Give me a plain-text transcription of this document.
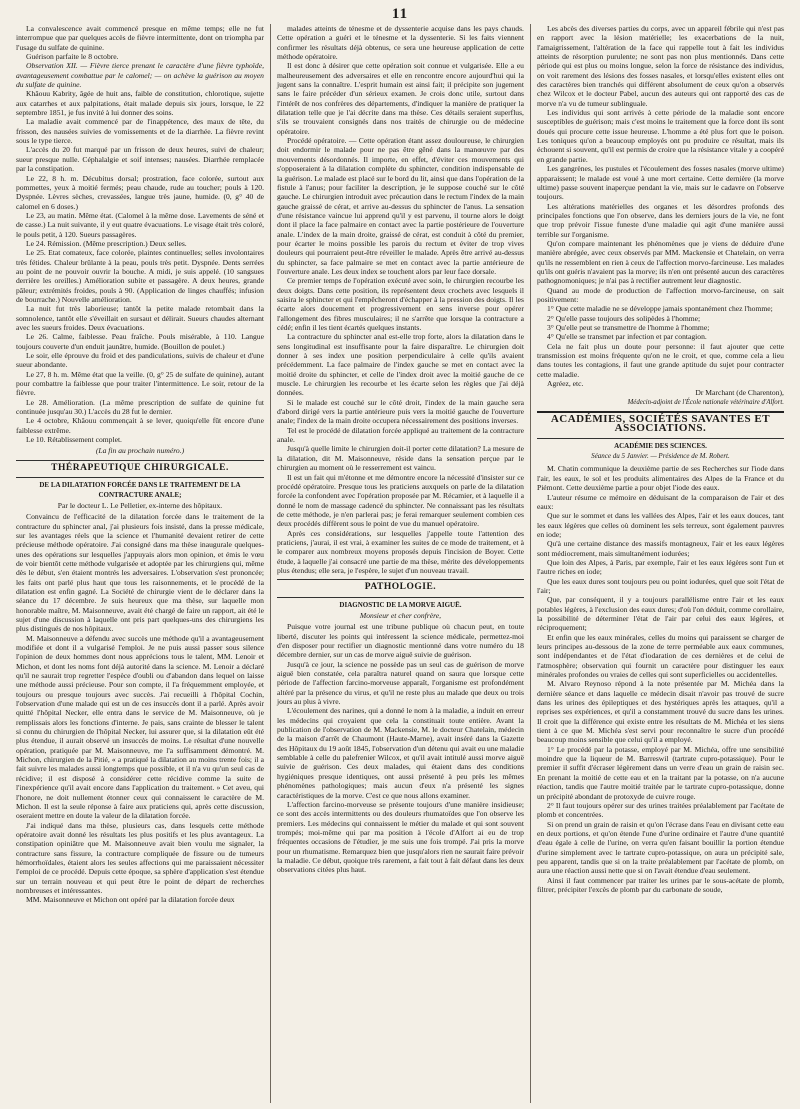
11

La convalescence avait commencé presque en même temps; elle ne fut interrompue que par quelques accès de fièvre intermittente, dont on triompha par l'usage du sulfate de quinine.

Guérison parfaite le 8 octobre.

Observation XII. — Fièvre tierce prenant le caractère d'une fièvre typhoïde, avantageusement combattue par le calomel; — on achève la guérison au moyen du sulfate de quinine.

Khâouu Kabrity, âgée de huit ans, faible de constitution, chlorotique, sujette aux catarrhes et aux palpitations, était malade depuis six jours, lorsque, le 22 septembre 1851, je fus invité à lui donner des soins.

La maladie avait commencé par de l'inappétence, des maux de tête, du frisson, des nausées suivies de vomissements et de la diarrhée. La fièvre revint sous le type tierce.

L'accès du 20 fut marqué par un frisson de deux heures, suivi de chaleur; sueur presque nulle. Céphalalgie et soif intenses; nausées. Diarrhée remplacée par la constipation.

Le 22, 8 h. m. Décubitus dorsal; prostration, face colorée, surtout aux pommettes, yeux à moitié fermés; peau chaude, rude au toucher; pouls à 120. Dyspnée. Lèvres sèches, crevassées, langue très jaune, humide. (0, g° 40 de calomel en 6 doses.)

Le 23, au matin. Même état. (Calomel à la même dose. Lavements de séné et de casse.) La nuit suivante, il y eut quatre évacuations. Le visage était très coloré, le pouls petit, à 120. Sueurs passagères.

Le 24. Rémission. (Même prescription.) Deux selles.

Le 25. Etat comateux, face colorée, plaintes continuelles; selles involontaires très fétides. Chaleur brûlante à la peau, pouls très petit. Dyspnée. Dents serrées au point de ne pouvoir ouvrir la bouche. A midi, je suis appelé. (10 sangsues derrière les oreilles.) Amélioration subite et passagère. A deux heures, grande pâleur; extrémités froides, pouls à 90. (Application de linges chauffés; infusion de bourrache.) Nouvelle amélioration.

La nuit fut très laborieuse; tantôt la petite malade retombait dans la somnolence, tantôt elle s'éveillait en sursaut et délirait. Sueurs chaudes alternant avec les sueurs froides. Deux évacuations.

Le 26. Calme, faiblesse. Peau fraîche. Pouls misérable, à 110. Langue toujours couverte d'un enduit jaunâtre, humide. (Bouillon de poulet.)

Le soir, elle éprouve du froid et des pandiculations, suivis de chaleur et d'une sueur abondante.

Le 27, 8 h. m. Même état que la veille. (0, g° 25 de sulfate de quinine), autant pour combattre la faiblesse que pour traiter l'intermittence. Le soir, retour de la fièvre.

Le 28. Amélioration. (La même prescription de sulfate de quinine fut continuée jusqu'au 30.) L'accès du 28 fut le dernier.

Le 4 octobre, Khâouu commençait à se lever, quoiqu'elle fût encore d'une faiblesse extrême.

Le 10. Rétablissement complet.

(La fin au prochain numéro.)

THÉRAPEUTIQUE CHIRURGICALE.

DE LA DILATATION FORCÉE DANS LE TRAITEMENT DE LA CONTRACTURE ANALE;

Par le docteur L. Le Pelletier, ex-interne des hôpitaux.

Convaincu de l'efficacité de la dilatation forcée dans le traitement de la contracture du sphincter anal, j'ai plusieurs fois insisté, dans la presse médicale, sur les avantages réels que la science et l'humanité devaient retirer de cette précieuse méthode opératoire. J'ai consigné dans ma thèse inaugurale quelques-unes des opérations sur lesquelles j'appuyais alors mon opinion, et émis le vœu de voir bientôt cette méthode vulgarisée et adoptée par les chirurgiens qui, même dès le début, s'en étaient montrés les adversaires. L'observation s'est prononcée; les faits ont parlé plus haut que tous les raisonnements, et le procédé de la dilatation est enfin gagné. La Société de chirurgie vient de le déclarer dans la séance du 17 décembre. Je suis heureux que ma thèse, sur laquelle mon honorable maître, M. Maisonneuve, avait été chargé de faire un rapport, ait été le sujet d'une discussion à laquelle ont pris part quelques-uns des chirurgiens les plus distingués de nos hôpitaux.

M. Maisonneuve a défendu avec succès une méthode qu'il a avantageusement modifiée et dont il a vulgarisé l'emploi. Je ne puis aussi passer sous silence l'opinion de deux hommes dont nous apprécions tous le talent, MM. Lenoir et Michon, et dont les noms font déjà autorité dans la science. M. Lenoir a déclaré qu'il ne saurait trop regretter l'espèce d'oubli ou d'abandon dans lequel on laisse une méthode aussi précieuse. Pour son compte, il l'a fréquemment employée, et toujours ou presque toujours avec succès. J'ai recueilli à l'hôpital Cochin, l'observation d'une malade qui est un de ces insuccès dont il a parlé. Après avoir quitté l'hôpital Necker, elle entra dans le service de M. Maisonneuve, où je remplissais alors les fonctions d'interne. Je pais, sans crainte de blesser le talent si connu du chirurgien de l'hôpital Necker, lui assurer que, si la dilatation eût été plus étendue, il aurait observé un insuccès de moins. Le résultat d'une nouvelle opération, pratiquée par M. Maisonneuve, me l'a suffisamment démontré. M. Michon, chirurgien de la Pitié, « a pratiqué la dilatation au moins trente fois; il a fait suivre les malades aussi longtemps que possible, et il n'a vu qu'un seul cas de récidive; il est disposé à considérer cette récidive comme la suite de l'inexpérience qu'il avait encore dans l'application du traitement. » Cet aveu, qui l'honore, ne doit nullement étonner ceux qui connaissent le caractère de M. Michon. Il est la seule réponse à faire aux praticiens qui, après cette discussion, oseraient mettre en doute la valeur de la dilatation forcée.

J'ai indiqué dans ma thèse, plusieurs cas, dans lesquels cette méthode opératoire avait donné les résultats les plus positifs et les plus avantageux. La constipation opiniâtre que M. Maisonneuve avait bien voulu me signaler, la contracture sans fissure, la contracture compliquée de fissure ou de tumeurs hémorrhoïdales, étaient alors les seules affections qui me paraissaient nécessiter l'emploi de ce procédé. Depuis cette époque, sa sphère d'application s'est étendue sur un terrain nouveau et qui peut être le point de départ de recherches nombreuses et intéressantes.

MM. Maisonneuve et Michon ont opéré par la dilatation forcée deux

malades atteints de ténesme et de dyssenterie acquise dans les pays chauds. Cette opération a guéri et le ténesme et la dyssenterie. Si les faits viennent confirmer les résultats déjà obtenus, ce sera une heureuse application de cette méthode opératoire.

Il est donc à désirer que cette opération soit connue et vulgarisée. Elle a eu malheureusement des adversaires et elle en rencontre encore aujourd'hui qui la jugent sans la connaître. L'esprit humain est ainsi fait; il précipite son jugement sans le faire précéder d'un sérieux examen. Je crois donc utile, surtout dans l'intérêt de nos confrères des départements, d'indiquer la manière de pratiquer la dilatation telle que je l'ai décrite dans ma thèse. Ces détails seraient superflus, s'ils se trouvaient consignés dans nos traités de chirurgie ou de médecine opératoire.

Procédé opératoire. — Cette opération étant assez douloureuse, le chirurgien doit endormir le malade pour ne pas être gêné dans la manœuvre par des mouvements désordonnés. Il importe, en effet, d'éviter ces mouvements qui s'opposeraient à la dilatation complète du sphincter, condition indispensable de la guérison. Le malade est placé sur le bord du lit, ainsi que dans l'opération de la fistule à l'anus; pour faciliter la description, je le suppose couché sur le côté gauche. Le chirurgien introduit avec précaution dans le rectum l'index de la main gauche graissé de cérat, et arrive au-dessus du sphincter de l'anus. La sensation d'une résistance vaincue lui apprend qu'il y est parvenu, il tourne alors le doigt dont il place la face palmaire en contact avec la partie postérieure de l'ouverture anale. L'index de la main droite, graissé de cérat, est conduit à côté du premier, pour écarter le moins possible les parois du rectum et éviter de trop vives douleurs qui pourraient peut-être réveiller le malade. Après être arrivé au-dessus du sphincter, sa face palmaire se met en contact avec la partie antérieure de l'ouverture anale. Les deux index se touchent alors par leur face dorsale.

Ce premier temps de l'opération exécuté avec soin, le chirurgien recourbe les deux doigts. Dans cette position, ils représentent deux crochets avec lesquels il saisira le sphincter et qui l'empêcheront d'échapper à la pression des doigts. Il les écarte alors doucement et progressivement en sens inverse pour opérer l'allongement des fibres musculaires; il ne s'arrête que lorsque la contracture a cédé; enfin il les tient écartés quelques instants.

La contracture du sphincter anal est-elle trop forte, alors la dilatation dans le sens longitudinal est insuffisante pour la faire disparaître. Le chirurgien doit donner à ses index une position perpendiculaire à celle qu'ils avaient précédemment. La face palmaire de l'index gauche se met en contact avec la moitié droite du sphincter, et celle de l'index droit avec la moitié gauche de ce muscle. Le chirurgien les recourbe et les écarte selon les règles que j'ai déjà données.

Si le malade est couché sur le côté droit, l'index de la main gauche sera d'abord dirigé vers la partie antérieure puis vers la moitié gauche de l'ouverture anale; l'index de la main droite occupera nécessairement des positions inverses.

Tel est le procédé de dilatation forcée appliqué au traitement de la contracture anale.

Jusqu'à quelle limite le chirurgien doit-il porter cette dilatation? La mesure de la dilatation, dit M. Maisonneuve, réside dans la sensation perçue par le chirurgien au moment où le resserrement est vaincu.

Il est un fait qui m'étonne et me démontre encore la nécessité d'insister sur ce procédé opératoire. Presque tous les praticiens auxquels on parle de la dilatation forcée la confondent avec l'opération proposée par M. Récamier, et à laquelle il a donné le nom de massage cadencé du sphincter. Ne connaissant pas les résultats de cette méthode, je n'en parlerai pas; je ferai remarquer seulement combien ces deux procédés diffèrent sous le point de vue du manuel opératoire.

Après ces considérations, sur lesquelles j'appelle toute l'attention des praticiens, j'aurai, il est vrai, à examiner les suites de ce mode de traitement, et à le comparer aux nombreux moyens proposés depuis l'incision de Boyer. Cette étude, à laquelle j'ai consacré une partie de ma thèse, mérite des développements plus étendus; elle sera, je l'espère, le sujet d'un nouveau travail.

PATHOLOGIE.

DIAGNOSTIC DE LA MORVE AIGUË.

Monsieur et cher confrère,

Puisque votre journal est une tribune publique où chacun peut, en toute liberté, discuter les points qui intéressent la science médicale, permettez-moi d'en disposer pour rectifier un diagnostic mentionné dans votre numéro du 18 décembre dernier, sur un cas de morve aiguë suivie de guérison.

Jusqu'à ce jour, la science ne possède pas un seul cas de guérison de morve aiguë bien constatée, cela paraîtra naturel quand on saura que lorsque cette période de l'affection farcino-morveuse apparaît, l'organisme est profondément altéré par la présence du virus, et qu'il ne reste plus au malade que deux ou trois jours au plus à vivre.

L'écoulement des narines, qui a donné le nom à la maladie, a induit en erreur les médecins qui croyaient que cela la constituait toute entière. Avant la publication de l'observation de M. Mackensie, M. le docteur Chatelain, médecin de la maison d'arrêt de Chaumont (Haute-Marne), avait inséré dans la Gazette des Hôpitaux du 19 août 1845, l'observation d'un détenu qui avait eu une maladie semblable à celle du palefrenier Wilcox, et qu'il avait intitulé aussi morve aiguë suivie de guérison. Ces deux malades, qui étaient dans des conditions hygiéniques presque identiques, ont aussi présenté à peu près les mêmes phénomènes pathologiques; mais aucun d'eux n'a présenté les signes caractéristiques de la morve. C'est ce que nous allons examiner.

L'affection farcino-morveuse se présente toujours d'une manière insidieuse; ce sont des accès intermittents ou des douleurs rhumatoïdes que l'on observe les premiers. Les médecins qui connaissent le métier du malade et qui sont souvent trompés; moi-même qui par ma position à l'école d'Alfort ai eu de trop fréquentes occasions de l'étudier, je me suis une fois trompé. J'ai pris la morve pour un rhumatisme. Remarquez bien que jusqu'alors rien ne saurait faire prévoir la maladie. Ce début, quoique très rarement, a fait tout à fait défaut dans les deux observations citées plus haut.

Les abcès des diverses parties du corps, avec un appareil fébrile qui n'est pas en rapport avec la lésion matérielle; les exacerbations de la nuit, l'amaigrissement, l'altération de la face qui rappelle tout à fait les individus atteints de résorption purulente; ne sont pas non plus mentionnés. Dans cette période qui est plus ou moins longue, selon la force de résistance des individus, on voit rarement des lésions des fosses nasales, et lorsqu'elles existent elles ont des caractères bien tranchés qui différent absolument de ceux qu'on a observés chez Wilcox et le docteur Pabel, aucun des auteurs qui ont rapporté des cas de morve n'a vu de tumeur sublinguale.

Les individus qui sont arrivés à cette période de la maladie sont encore susceptibles de guérison; mais c'est moins le traitement que la force dont ils sont doués qui procure cette issue heureuse. L'homme a été plus fort que le poison. Les toniques qu'on a beaucoup employés ont pu produire ce résultat, mais ils échouent si souvent, qu'il est permis de croire que la résistance vitale y a coopéré en grande partie.

Les gangrènes, les pustules et l'écoulement des fosses nasales (morve ultime) apparaissent; le malade est voué à une mort certaine. Cette dernière (la morve ultime) passe souvent inaperçue pendant la vie, mais sur le cadavre on l'observe toujours.

Les altérations matérielles des organes et les désordres profonds des principales fonctions que l'on observe, dans les derniers jours de la vie, ne font que trop prévoir l'issue funeste d'une maladie qui agit d'une manière aussi terrible sur l'organisme.

Qu'on compare maintenant les phénomènes que je viens de déduire d'une manière abrégée, avec ceux observés par MM. Mackensie et Chatelain, on verra qu'ils ne ressemblent en rien à ceux de l'affection morvo-farcineuse. Les malades qu'ils ont guéris n'avaient pas la morve; ils n'en ont présenté aucun des caractères pathognomoniques; je n'ai pas à rectifier autrement leur diagnostic.

Quand au mode de production de l'affection morvo-farcineuse, on sait positivement:

1° Que cette maladie ne se développe jamais spontanément chez l'homme;

2° Qu'elle passe toujours des solipèdes à l'homme;

3° Qu'elle peut se transmettre de l'homme à l'homme;

4° Qu'elle se transmet par infection et par contagion.

Cela ne fait plus un doute pour personne: il faut ajouter que cette transmission est moins fréquente qu'on ne le croit, et que, comme cela a lieu dans toutes les contagions, il faut une grande aptitude du sujet pour contracter cette maladie.

Agréez, etc.

Dr Marchant (de Charenton),

Médecin-adjoint de l'École nationale vétérinaire d'Alfort.

ACADÉMIES, SOCIÉTÉS SAVANTES ET ASSOCIATIONS.

ACADÉMIE DES SCIENCES.

Séance du 5 Janvier. — Présidence de M. Robert.

M. Chatin communique la deuxième partie de ses Recherches sur l'iode dans l'air, les eaux, le sol et les produits alimentaires des Alpes de la France et du Piémont. Cette deuxième partie a pour objet l'iode des eaux.

L'auteur résume ce mémoire en déduisant de la comparaison de l'air et des eaux:

Que sur le sommet et dans les vallées des Alpes, l'air et les eaux douces, tant les eaux légères que celles où dominent les sels terreux, sont également pauvres en iode;

Qu'à une certaine distance des massifs montagneux, l'air et les eaux légères sont médiocrement, mais simultanément iodurées;

Que loin des Alpes, à Paris, par exemple, l'air et les eaux légères sont l'un et l'autre riches en iode;

Que les eaux dures sont toujours peu ou point iodurées, quel que soit l'état de l'air;

Que, par conséquent, il y a toujours parallélisme entre l'air et les eaux potables légères, à l'exclusion des eaux dures; d'où l'on déduit, comme corollaire, la possibilité de déterminer l'état de l'air par celui des eaux légères, et réciproquement;

Et enfin que les eaux minérales, celles du moins qui paraissent se charger de leurs principes au-dessous de la zone de terre perméable aux eaux communes, sont indépendantes et de l'état d'iodaration de ces dernières et de celui de l'atmosphère; observation qui fournit un caractère pour distinguer les eaux minérales profondes ou vraies de celles qui sont superficielles ou accidentelles.

M. Alvaro Reynoso répond à la note présentée par M. Michéa dans la dernière séance et dans laquelle ce médecin disait n'avoir pas trouvé de sucre dans les urines des épileptiques et des hystériques après les attaques, qu'il a reprises ses expériences, et qu'il a constamment trouvé du sucre dans les urines. Il croit que la différence qui existe entre les résultats de M. Michéa et les siens tient à ce que M. Michéa s'est servi pour reconnaître le sucre d'un procédé beaucoup moins sensible que celui qu'il a employé.

1° Le procédé par la potasse, employé par M. Michéa, offre une sensibilité moindre que la liqueur de M. Barreswil (tartrate cupro-potassique). Pour le premier il suffit d'écraser légèrement dans un verre d'eau un grain de raisin sec. En prenant la moitié de cette eau et en la traitant par la potasse, on n'a aucune réaction, tandis que l'autre moitié traitée par le tartrate cupro-potassique, donne un précipité abondant de protoxyde de cuivre rouge.

2° Il faut toujours opérer sur des urines traitées préalablement par l'acétate de plomb et concentrées.

Si on prend un grain de raisin et qu'on l'écrase dans l'eau en divisant cette eau en deux portions, et qu'on étende l'une d'urine ordinaire et l'autre d'une quantité d'eau égale à celle de l'urine, on verra qu'en faisant bouillir la portion étendue d'urine simplement avec le tartrate cupro-potassique, on aura un précipité sale, peu apparent, tandis que si on la traite préalablement par l'acétate de plomb, on aura une réaction aussi nette que si on l'avait étendue d'eau seulement.

Ainsi il faut commencer par traiter les urines par le sous-acétate de plomb, filtrer, précipiter l'excès de plomb par du carbonate de soude,
